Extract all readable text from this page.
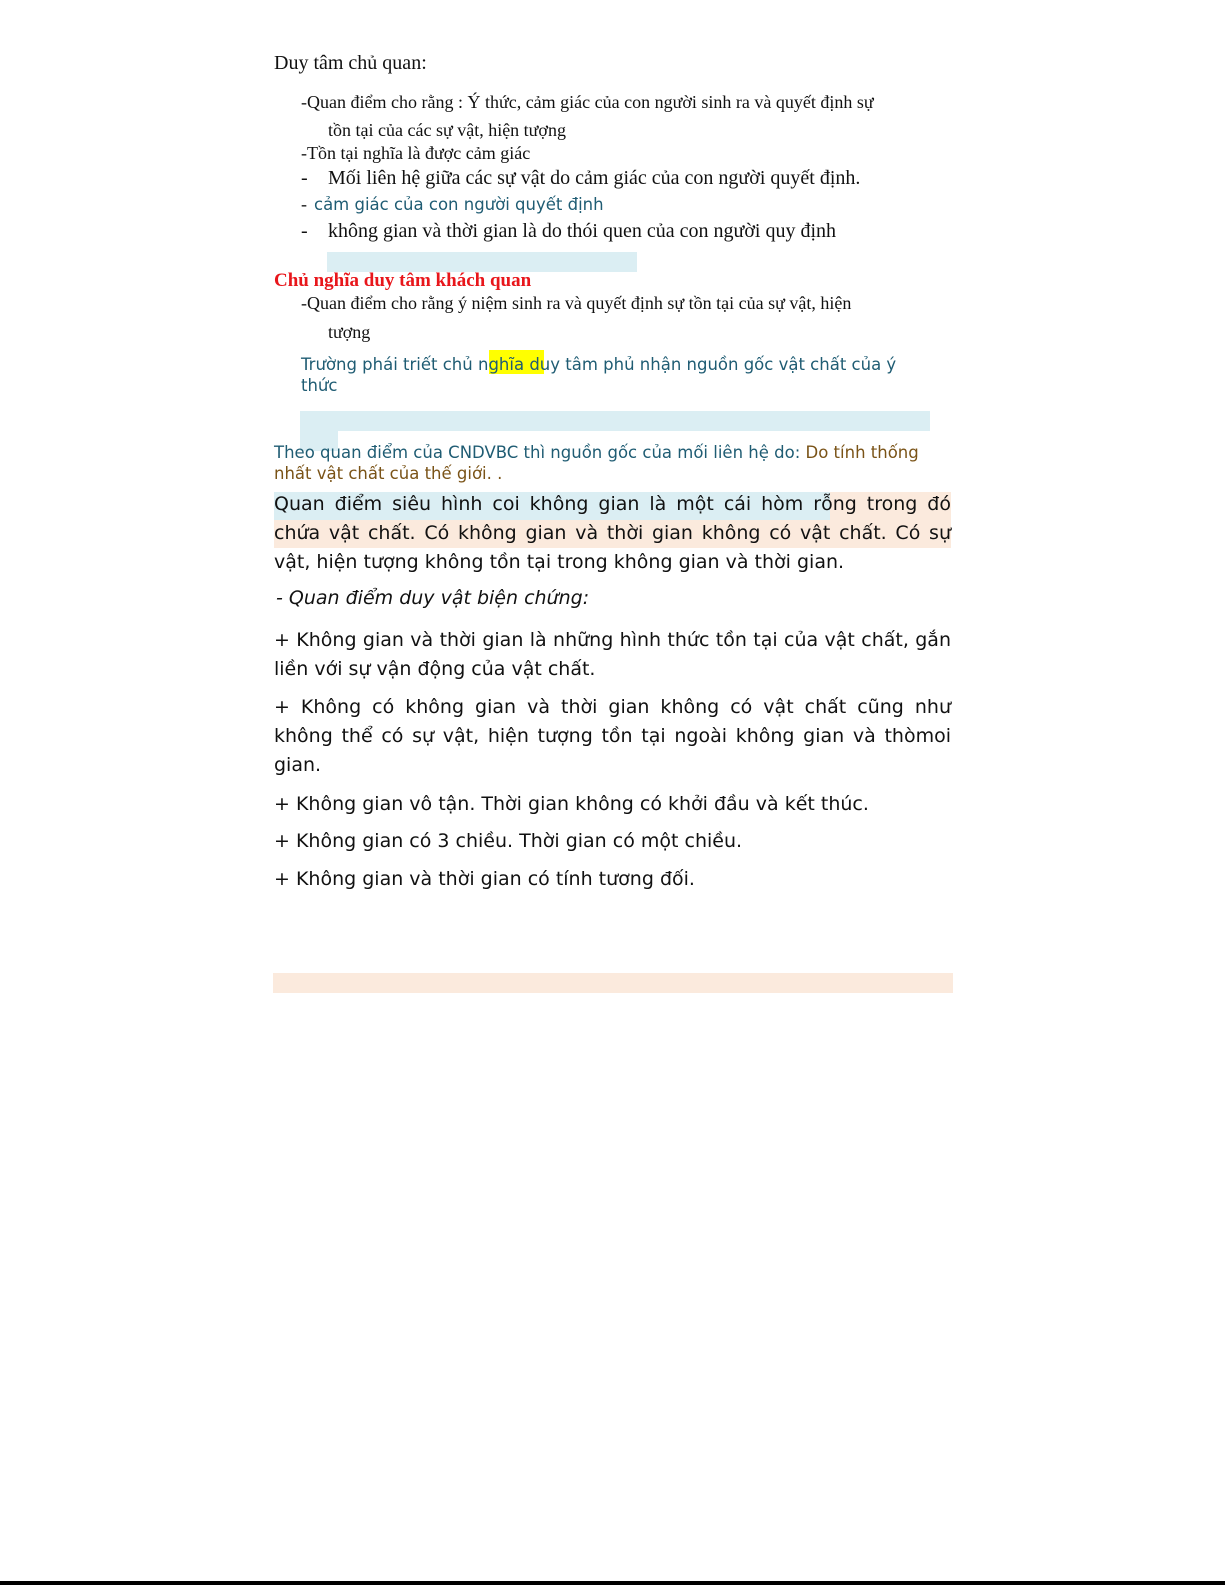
Duy tâm chủ quan:
-Quan điểm cho rằng : Ý thức, cảm giác của con người sinh ra và quyết định sự
tồn tại của các sự vật, hiện tượng
-Tồn tại nghĩa là được cảm giác
- Mối liên hệ giữa các sự vật do cảm giác của con người quyết định.
- cảm giác của con người quyết định
- không gian và thời gian là do thói quen của con người quy định
Chủ nghĩa duy tâm khách quan
-Quan điểm cho rằng ý niệm sinh ra và quyết định sự tồn tại của sự vật, hiện
tượng
Trường phái triết chủ nghĩa duy tâm phủ nhận nguồn gốc vật chất của ý
thức
Theo quan điểm của CNDVBC thì nguồn gốc của mối liên hệ do: Do tính thống
nhất vật chất của thế giới. .
Quan điểm siêu hình coi không gian là một cái hòm rỗng trong đó chứa vật chất. Có không gian và thời gian không có vật chất. Có sự vật, hiện tượng không tồn tại trong không gian và thời gian.
- Quan điểm duy vật biện chứng:
+ Không gian và thời gian là những hình thức tồn tại của vật chất, gắn liền với sự vận động của vật chất.
+ Không có không gian và thời gian không có vật chất cũng như không thể có sự vật, hiện tượng tồn tại ngoài không gian và thòmoi gian.
+ Không gian vô tận. Thời gian không có khởi đầu và kết thúc.
+ Không gian có 3 chiều. Thời gian có một chiều.
+ Không gian và thời gian có tính tương đối.
